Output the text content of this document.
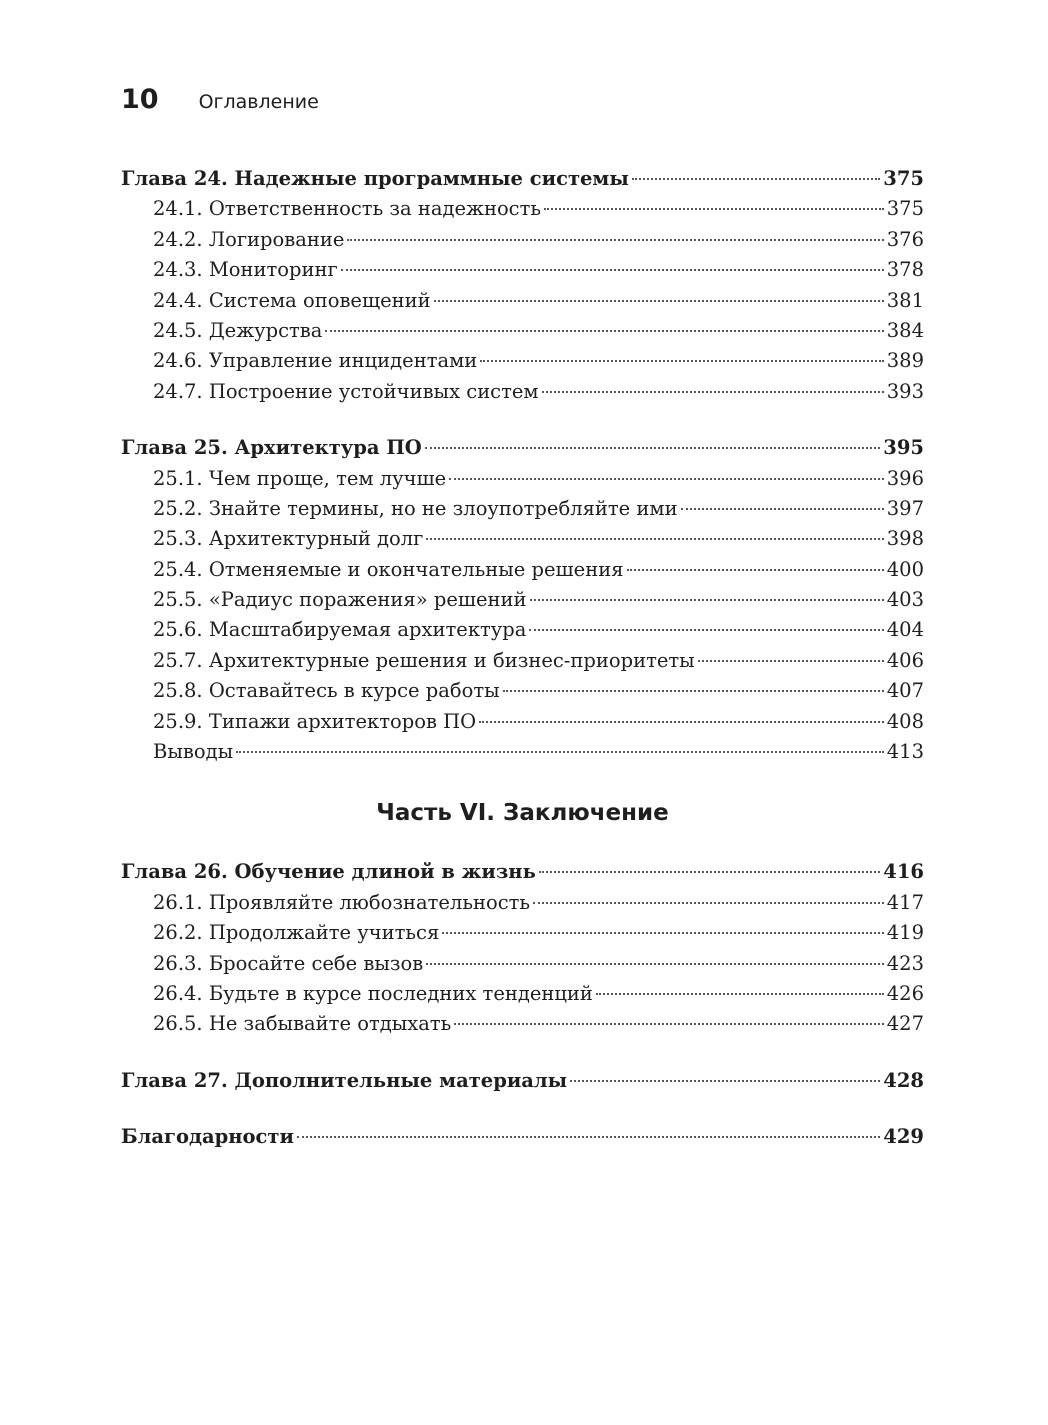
10 Оглавление
Глава 24. Надежные программные системы	375
24.1. Ответственность за надежность	375
24.2. Логирование	376
24.3. Мониторинг	378
24.4. Система оповещений	381
24.5. Дежурства	384
24.6. Управление инцидентами	389
24.7. Построение устойчивых систем	393
Глава 25. Архитектура ПО	395
25.1. Чем проще, тем лучше	396
25.2. Знайте термины, но не злоупотребляйте ими	397
25.3. Архитектурный долг	398
25.4. Отменяемые и окончательные решения	400
25.5. «Радиус поражения» решений	403
25.6. Масштабируемая архитектура	404
25.7. Архитектурные решения и бизнес-приоритеты	406
25.8. Оставайтесь в курсе работы	407
25.9. Типажи архитекторов ПО	408
Выводы	413
Часть VI. Заключение
Глава 26. Обучение длиной в жизнь	416
26.1. Проявляйте любознательность	417
26.2. Продолжайте учиться	419
26.3. Бросайте себе вызов	423
26.4. Будьте в курсе последних тенденций	426
26.5. Не забывайте отдыхать	427
Глава 27. Дополнительные материалы	428
Благодарности	429
